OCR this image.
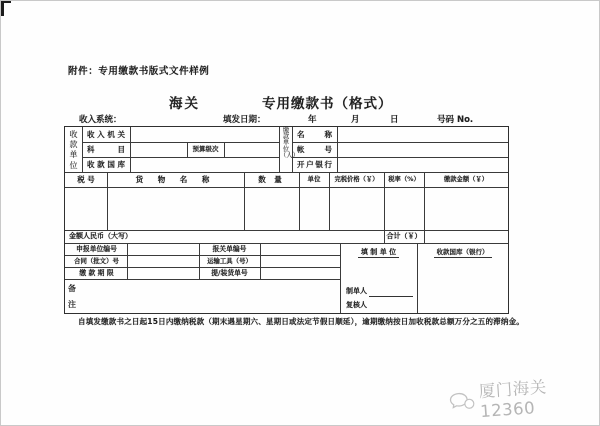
附件：专用缴款书版式文件样例
海关	专用缴款书（格式）
收入系统：	填发日期：	年	月	日	号码 No.
收款单位
收 入 机 关
科 目	预算级次
收 款 国 库
缴款单位（人）
名 称
帐 号
开户银行
税 号	货 物 名 称	数 量	单位	完税价格（￥）	税率（%）	缴款金额（￥）
金额人民币（大写）	合计（￥）
申报单位编号	报关单编号
合同（批文）号	运输工具（号）
缴 款 期 限	提/装货单号
填 制 单 位	收款国库（银行）
制单人
复核人
备
注
自填发缴款书之日起15日内缴纳税款（期末遇星期六、星期日或法定节假日顺延），逾期缴纳按日加收税款总额万分之五的滞纳金。
厦门海关12360
